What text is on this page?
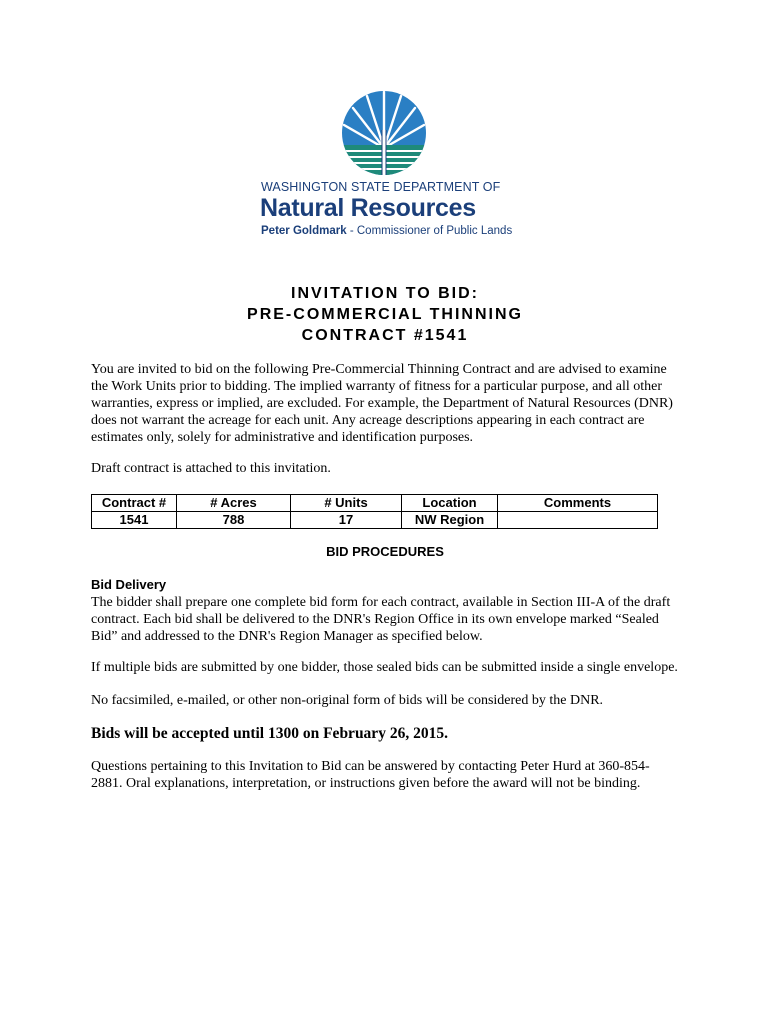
WASHINGTON STATE DEPARTMENT OF
Natural Resources
Peter Goldmark - Commissioner of Public Lands
INVITATION TO BID:
PRE-COMMERCIAL THINNING
CONTRACT #1541
You are invited to bid on the following Pre-Commercial Thinning Contract and are advised to examine the Work Units prior to bidding. The implied warranty of fitness for a particular purpose, and all other warranties, express or implied, are excluded. For example, the Department of Natural Resources (DNR) does not warrant the acreage for each unit. Any acreage descriptions appearing in each contract are estimates only, solely for administrative and identification purposes.
Draft contract is attached to this invitation.
Contract #	# Acres	# Units	Location	Comments
1541	788	17	NW Region	
BID PROCEDURES
Bid Delivery
The bidder shall prepare one complete bid form for each contract, available in Section III-A of the draft contract. Each bid shall be delivered to the DNR's Region Office in its own envelope marked “Sealed Bid” and addressed to the DNR's Region Manager as specified below.
If multiple bids are submitted by one bidder, those sealed bids can be submitted inside a single envelope.
No facsimiled, e-mailed, or other non-original form of bids will be considered by the DNR.
Bids will be accepted until 1300 on February 26, 2015.
Questions pertaining to this Invitation to Bid can be answered by contacting Peter Hurd at 360-854-2881. Oral explanations, interpretation, or instructions given before the award will not be binding.
